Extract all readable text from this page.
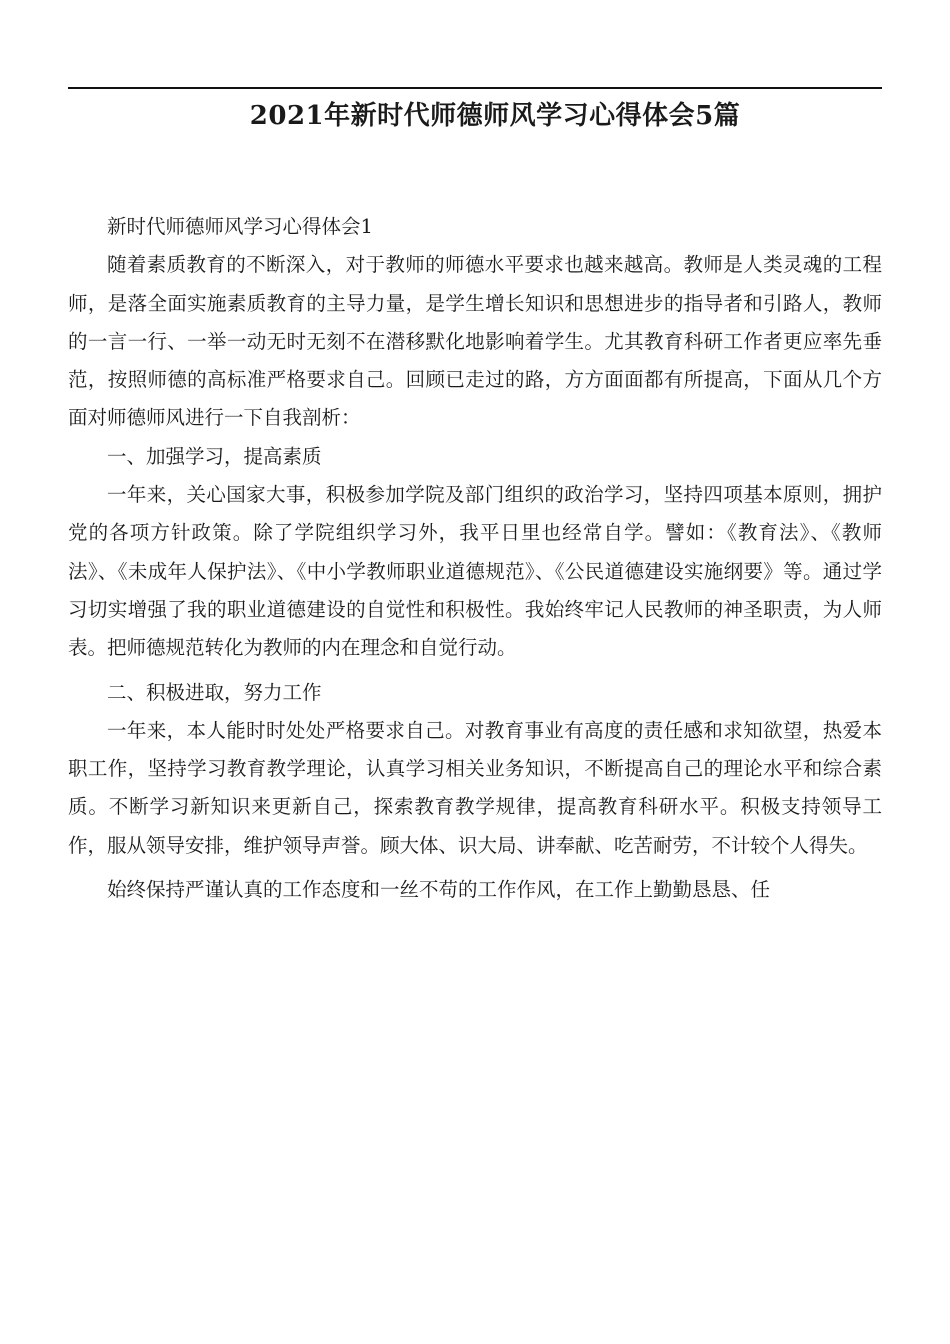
2021年新时代师德师风学习心得体会5篇

新时代师德师风学习心得体会1

随着素质教育的不断深入，对于教师的师德水平要求也越来越高。教师是人类灵魂的工程师，是落全面实施素质教育的主导力量，是学生增长知识和思想进步的指导者和引路人，教师的一言一行、一举一动无时无刻不在潜移默化地影响着学生。尤其教育科研工作者更应率先垂范，按照师德的高标准严格要求自己。回顾已走过的路，方方面面都有所提高，下面从几个方面对师德师风进行一下自我剖析：

一、加强学习，提高素质

一年来，关心国家大事，积极参加学院及部门组织的政治学习，坚持四项基本原则，拥护党的各项方针政策。除了学院组织学习外，我平日里也经常自学。譬如：《教育法》、《教师法》、《未成年人保护法》、《中小学教师职业道德规范》、《公民道德建设实施纲要》等。通过学习切实增强了我的职业道德建设的自觉性和积极性。我始终牢记人民教师的神圣职责，为人师表。把师德规范转化为教师的内在理念和自觉行动。

二、积极进取，努力工作

一年来，本人能时时处处严格要求自己。对教育事业有高度的责任感和求知欲望，热爱本职工作，坚持学习教育教学理论，认真学习相关业务知识，不断提高自己的理论水平和综合素质。不断学习新知识来更新自己，探索教育教学规律，提高教育科研水平。积极支持领导工作，服从领导安排，维护领导声誉。顾大体、识大局、讲奉献、吃苦耐劳，不计较个人得失。

始终保持严谨认真的工作态度和一丝不苟的工作作风，在工作上勤勤恳恳、任
